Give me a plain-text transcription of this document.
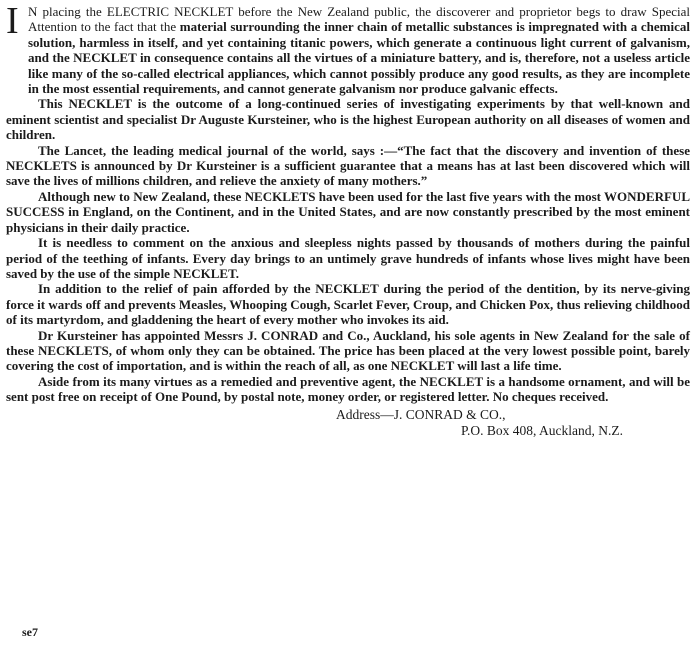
I N placing the ELECTRIC NECKLET before the New Zealand public, the discoverer and proprietor begs to draw Special Attention to the fact that the material surrounding the inner chain of metallic substances is impregnated with a chemical solution, harmless in itself, and yet containing titanic powers, which generate a continuous light current of galvanism, and the NECKLET in consequence contains all the virtues of a miniature battery, and is, therefore, not a useless article like many of the so-called electrical appliances, which cannot possibly produce any good results, as they are incomplete in the most essential requirements, and cannot generate galvanism nor produce galvanic effects.

This NECKLET is the outcome of a long-continued series of investigating experiments by that well-known and eminent scientist and specialist Dr Auguste Kursteiner, who is the highest European authority on all diseases of women and children.

The Lancet, the leading medical journal of the world, says :—“The fact that the discovery and invention of these NECKLETS is announced by Dr Kursteiner is a sufficient guarantee that a means has at last been discovered which will save the lives of millions children, and relieve the anxiety of many mothers.”

Although new to New Zealand, these NECKLETS have been used for the last five years with the most WONDERFUL SUCCESS in England, on the Continent, and in the United States, and are now constantly prescribed by the most eminent physicians in their daily practice.

It is needless to comment on the anxious and sleepless nights passed by thousands of mothers during the painful period of the teething of infants. Every day brings to an untimely grave hundreds of infants whose lives might have been saved by the use of the simple NECKLET.

In addition to the relief of pain afforded by the NECKLET during the period of the dentition, by its nerve-giving force it wards off and prevents Measles, Whooping Cough, Scarlet Fever, Croup, and Chicken Pox, thus relieving childhood of its martyrdom, and gladdening the heart of every mother who invokes its aid.

Dr Kursteiner has appointed Messrs J. CONRAD and Co., Auckland, his sole agents in New Zealand for the sale of these NECKLETS, of whom only they can be obtained. The price has been placed at the very lowest possible point, barely covering the cost of importation, and is within the reach of all, as one NECKLET will last a life time.

Aside from its many virtues as a remedied and preventive agent, the NECKLET is a handsome ornament, and will be sent post free on receipt of One Pound, by postal note, money order, or registered letter. No cheques received.

Address—J. CONRAD & CO.,
P.O. Box 408, Auckland, N.Z.
se7
